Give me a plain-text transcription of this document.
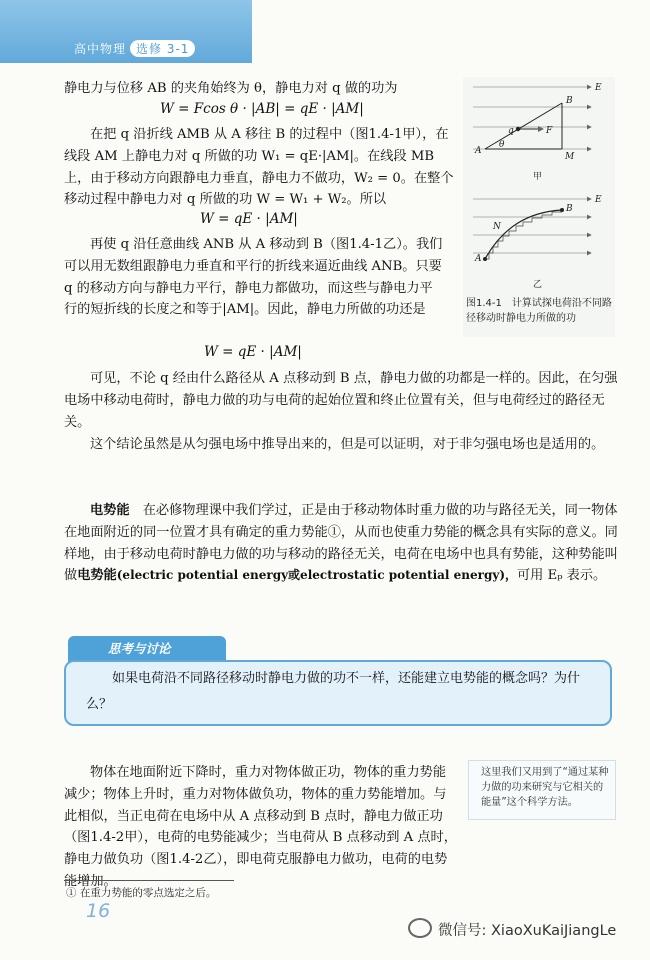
高中物理 选修 3-1

静电力与位移 AB 的夹角始终为 θ，静电力对 q 做的功为

W = Fcos θ · |AB| = qE · |AM|

在把 q 沿折线 AMB 从 A 移往 B 的过程中（图1.4-1甲），在线段 AM 上静电力对 q 所做的功 W₁ = qE·|AM|。在线段 MB 上，由于移动方向跟静电力垂直，静电力不做功，W₂ = 0。在整个移动过程中静电力对 q 所做的功 W = W₁ + W₂。所以

W = qE · |AM|

再使 q 沿任意曲线 ANB 从 A 移动到 B（图1.4-1乙）。我们可以用无数组跟静电力垂直和平行的折线来逼近曲线 ANB。只要 q 的移动方向与静电力平行，静电力都做功，而这些与静电力平行的短折线的长度之和等于|AM|。因此，静电力所做的功还是

W = qE · |AM|

可见，不论 q 经由什么路径从 A 点移动到 B 点，静电力做的功都是一样的。因此，在匀强电场中移动电荷时，静电力做的功与电荷的起始位置和终止位置有关，但与电荷经过的路径无关。

这个结论虽然是从匀强电场中推导出来的，但是可以证明，对于非匀强电场也是适用的。

电势能　 在必修物理课中我们学过，正是由于移动物体时重力做的功与路径无关，同一物体在地面附近的同一位置才具有确定的重力势能①，从而也使重力势能的概念具有实际的意义。同样地，由于移动电荷时静电力做的功与移动的路径无关，电荷在电场中也具有势能，这种势能叫做电势能(electric potential energy或electrostatic potential energy)，可用 Eₚ 表示。

E
B
A
M
q	F
θ
甲
E
B
A
N
乙
图1.4-1　计算试探电荷沿不同路径移动时静电力所做的功
思考与讨论
如果电荷沿不同路径移动时静电力做的功不一样，还能建立电势能的概念吗？为什么？

物体在地面附近下降时，重力对物体做正功，物体的重力势能减少；物体上升时，重力对物体做负功，物体的重力势能增加。与此相似，当正电荷在电场中从 A 点移动到 B 点时，静电力做正功（图1.4-2甲），电荷的电势能减少；当电荷从 B 点移动到 A 点时，静电力做负功（图1.4-2乙），即电荷克服静电力做功，电荷的电势能增加。

这里我们又用到了“通过某种力做的功来研究与它相关的能量”这个科学方法。
① 在重力势能的零点选定之后。
16
微信号: XiaoXuKaiJiangLe
